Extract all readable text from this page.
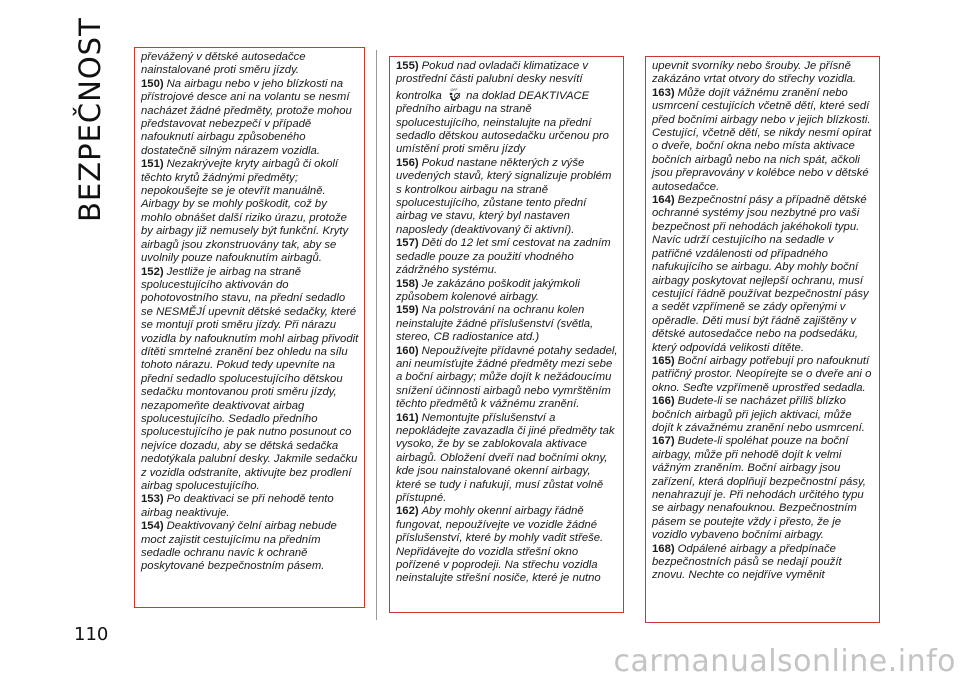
BEZPEČNOST	převážený v dětské autosedačce nainstalované proti směru jízdy.

150) Na airbagu nebo v jeho blízkosti na přístrojové desce ani na volantu se nesmí nacházet žádné předměty, protože mohou představovat nebezpečí v případě nafouknutí airbagu způsobeného dostatečně silným nárazem vozidla.

151) Nezakrývejte kryty airbagů či okolí těchto krytů žádnými předměty; nepokoušejte se je otevřít manuálně. Airbagy by se mohly poškodit, což by mohlo obnášet další riziko úrazu, protože by airbagy již nemusely být funkční. Kryty airbagů jsou zkonstruovány tak, aby se uvolnily pouze nafouknutím airbagů.

152) Jestliže je airbag na straně spolucestujícího aktivován do pohotovostního stavu, na přední sedadlo se NESMĚJÍ upevnit dětské sedačky, které se montují proti směru jízdy. Při nárazu vozidla by nafouknutím mohl airbag přivodit dítěti smrtelné zranění bez ohledu na sílu tohoto nárazu. Pokud tedy upevníte na přední sedadlo spolucestujícího dětskou sedačku montovanou proti směru jízdy, nezapomeňte deaktivovat airbag spolucestujícího. Sedadlo předního spolucestujícího je pak nutno posunout co nejvíce dozadu, aby se dětská sedačka nedotýkala palubní desky. Jakmile sedačku z vozidla odstraníte, aktivujte bez prodlení airbag spolucestujícího.

153) Po deaktivaci se při nehodě tento airbag neaktivuje.

154) Deaktivovaný čelní airbag nebude moct zajistit cestujícímu na předním sedadle ochranu navíc k ochraně poskytované bezpečnostním pásem.

155) Pokud nad ovladači klimatizace v prostřední části palubní desky nesvítí kontrolka OFF na doklad DEAKTIVACE předního airbagu na straně spolucestujícího, neinstalujte na přední sedadlo dětskou autosedačku určenou pro umístění proti směru jízdy

156) Pokud nastane některých z výše uvedených stavů, který signalizuje problém s kontrolkou airbagu na straně spolucestujícího, zůstane tento přední airbag ve stavu, který byl nastaven naposledy (deaktivovaný či aktivní).

157) Děti do 12 let smí cestovat na zadním sedadle pouze za použití vhodného zádržného systému.

158) Je zakázáno poškodit jakýmkoli způsobem kolenové airbagy.

159) Na polstrování na ochranu kolen neinstalujte žádné příslušenství (světla, stereo, CB radiostanice atd.)

160) Nepoužívejte přídavné potahy sedadel, ani neumísťujte žádné předměty mezi sebe a boční airbagy; může dojít k nežádoucímu snížení účinnosti airbagů nebo vymrštěním těchto předmětů k vážnému zranění.

161) Nemontujte příslušenství a nepokládejte zavazadla či jiné předměty tak vysoko, že by se zablokovala aktivace airbagů. Obložení dveří nad bočními okny, kde jsou nainstalované okenní airbagy, které se tudy i nafukují, musí zůstat volně přístupné.

162) Aby mohly okenní airbagy řádně fungovat, nepoužívejte ve vozidle žádné příslušenství, které by mohly vadit střeše. Nepřidávejte do vozidla střešní okno pořízené v poprodeji. Na střechu vozidla neinstalujte střešní nosiče, které je nutno

upevnit svorníky nebo šrouby. Je přísně zakázáno vrtat otvory do střechy vozidla.

163) Může dojít vážnému zranění nebo usmrcení cestujících včetně dětí, které sedí před bočními airbagy nebo v jejich blízkosti. Cestující, včetně dětí, se nikdy nesmí opírat o dveře, boční okna nebo místa aktivace bočních airbagů nebo na nich spát, ačkoli jsou přepravovány v kolébce nebo v dětské autosedačce.

164) Bezpečnostní pásy a případně dětské ochranné systémy jsou nezbytné pro vaši bezpečnost při nehodách jakéhokoli typu. Navíc udrží cestujícího na sedadle v patřičné vzdálenosti od případného nafukujícího se airbagu. Aby mohly boční airbagy poskytovat nejlepší ochranu, musí cestující řádně používat bezpečnostní pásy a sedět vzpřímeně se zády opřenými v opěradle. Děti musí být řádně zajištěny v dětské autosedačce nebo na podsedáku, který odpovídá velikosti dítěte.

165) Boční airbagy potřebují pro nafouknutí patřičný prostor. Neopírejte se o dveře ani o okno. Seďte vzpřímeně uprostřed sedadla.

166) Budete-li se nacházet příliš blízko bočních airbagů při jejich aktivaci, může dojít k závažnému zranění nebo usmrcení.

167) Budete-li spoléhat pouze na boční airbagy, může při nehodě dojít k velmi vážným zraněním. Boční airbagy jsou zařízení, která doplňují bezpečnostní pásy, nenahrazují je. Při nehodách určitého typu se airbagy nenafouknou. Bezpečnostním pásem se poutejte vždy i přesto, že je vozidlo vybaveno bočními airbagy.

168) Odpálené airbagy a předpínače bezpečnostních pásů se nedají použít znovu. Nechte co nejdříve vyměnit

110
carmanualsonline.info
